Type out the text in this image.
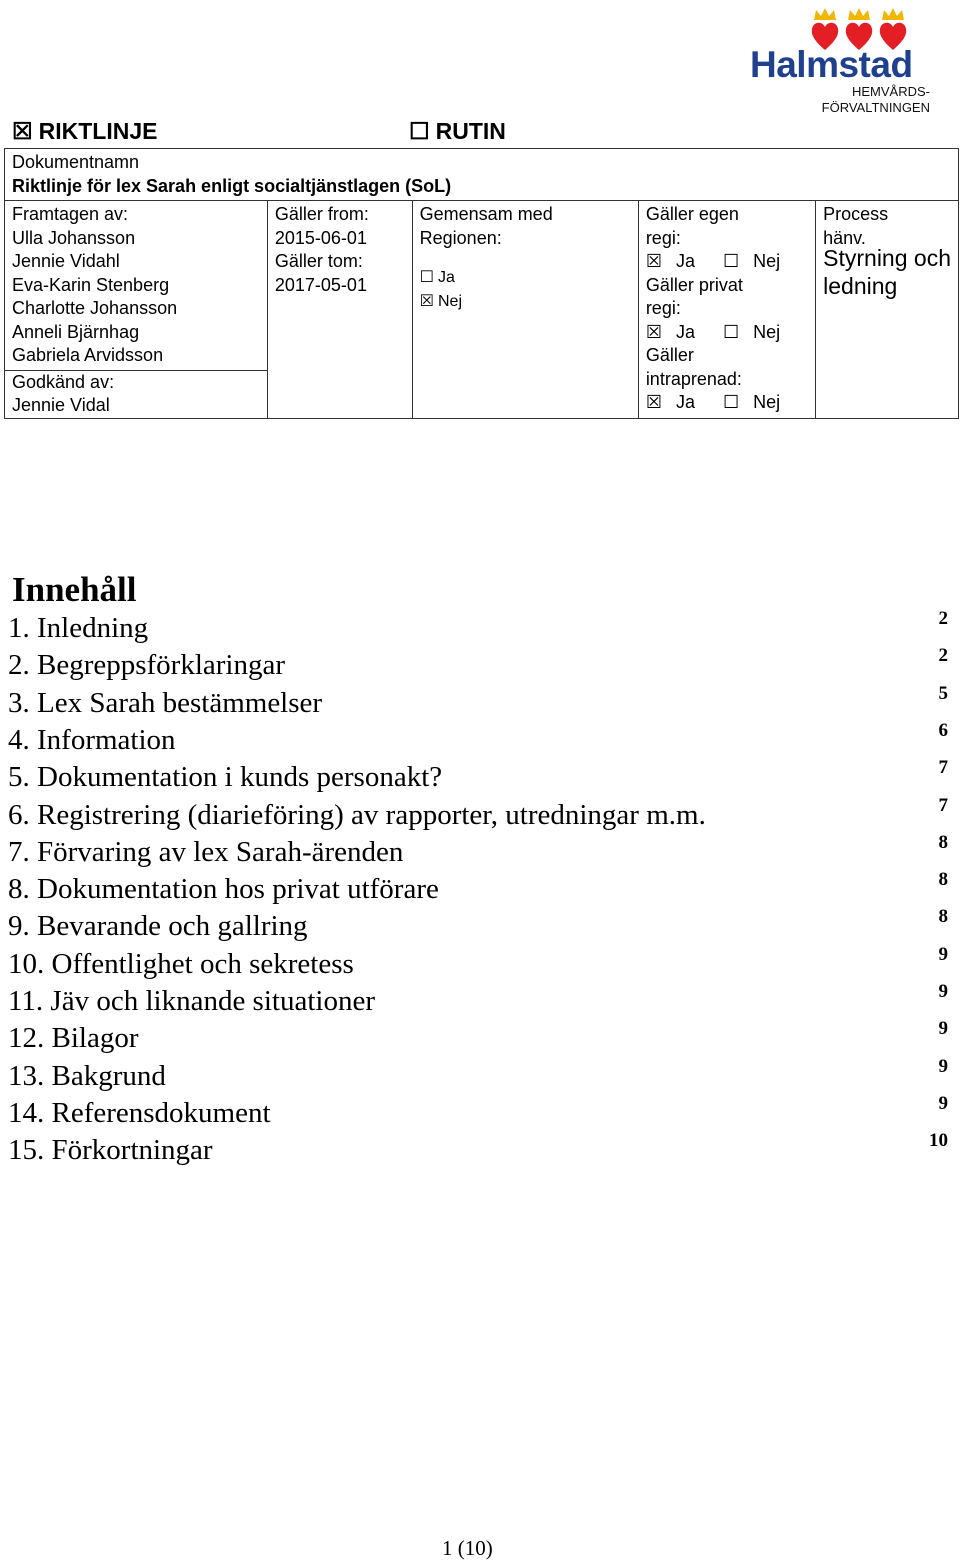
Halmstad
HEMVÅRDS-
FÖRVALTNINGEN
☒ RIKTLINJE	☐ RUTIN
Dokumentnamn
Riktlinje för lex Sarah enligt socialtjänstlagen (SoL)

Framtagen av:
Ulla Johansson
Jennie Vidahl
Eva-Karin Stenberg
Charlotte Johansson
Anneli Bjärnhag
Gabriela Arvidsson
Godkänd av:
Jennie Vidal

Gäller from:
2015-06-01
Gäller tom:
2017-05-01

Gemensam med
Regionen:
☐ Ja
☒ Nej

Gäller egen
regi:
☒ Ja ☐ Nej
Gäller privat
regi:
☒ Ja ☐ Nej
Gäller
intraprenad:
☒ Ja ☐ Nej

Process
hänv.
Styrning och
ledning
Innehåll
1. Inledning	2
2. Begreppsförklaringar	2
3. Lex Sarah bestämmelser	5
4. Information	6
5. Dokumentation i kunds personakt?	7
6. Registrering (diarieföring) av rapporter, utredningar m.m.	7
7. Förvaring av lex Sarah-ärenden	8
8. Dokumentation hos privat utförare	8
9. Bevarande och gallring	8
10. Offentlighet och sekretess	9
11. Jäv och liknande situationer	9
12. Bilagor	9
13. Bakgrund	9
14. Referensdokument	9
15. Förkortningar	10
1 (10)
